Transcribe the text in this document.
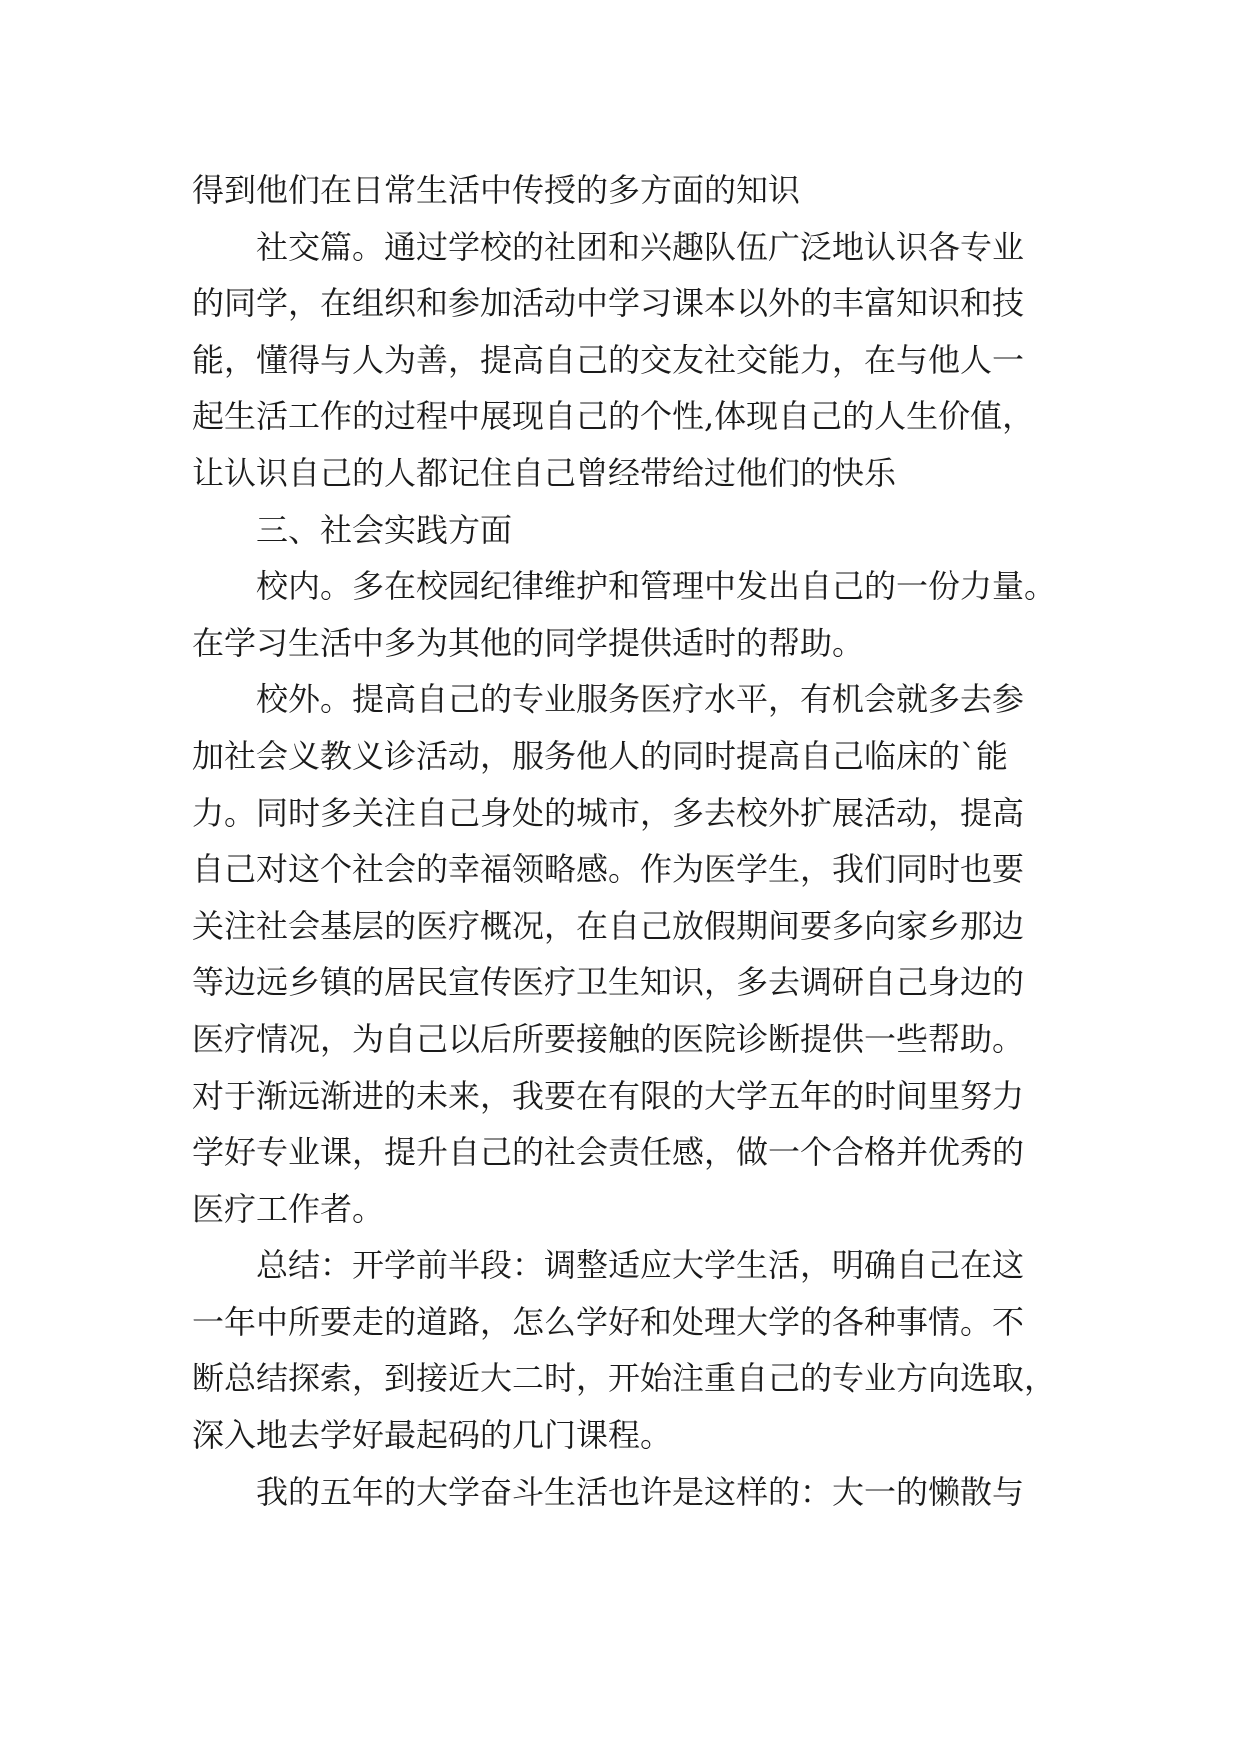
得到他们在日常生活中传授的多方面的知识
社交篇。通过学校的社团和兴趣队伍广泛地认识各专业
的同学，在组织和参加活动中学习课本以外的丰富知识和技
能，懂得与人为善，提高自己的交友社交能力，在与他人一
起生活工作的过程中展现自己的个性,体现自己的人生价值，
让认识自己的人都记住自己曾经带给过他们的快乐
三、社会实践方面
校内。多在校园纪律维护和管理中发出自己的一份力量。
在学习生活中多为其他的同学提供适时的帮助。
校外。提高自己的专业服务医疗水平，有机会就多去参
加社会义教义诊活动，服务他人的同时提高自己临床的`能
力。同时多关注自己身处的城市，多去校外扩展活动，提高
自己对这个社会的幸福领略感。作为医学生，我们同时也要
关注社会基层的医疗概况，在自己放假期间要多向家乡那边
等边远乡镇的居民宣传医疗卫生知识，多去调研自己身边的
医疗情况，为自己以后所要接触的医院诊断提供一些帮助。
对于渐远渐进的未来，我要在有限的大学五年的时间里努力
学好专业课，提升自己的社会责任感，做一个合格并优秀的
医疗工作者。
总结：开学前半段：调整适应大学生活，明确自己在这
一年中所要走的道路，怎么学好和处理大学的各种事情。不
断总结探索，到接近大二时，开始注重自己的专业方向选取，
深入地去学好最起码的几门课程。
我的五年的大学奋斗生活也许是这样的：大一的懒散与
